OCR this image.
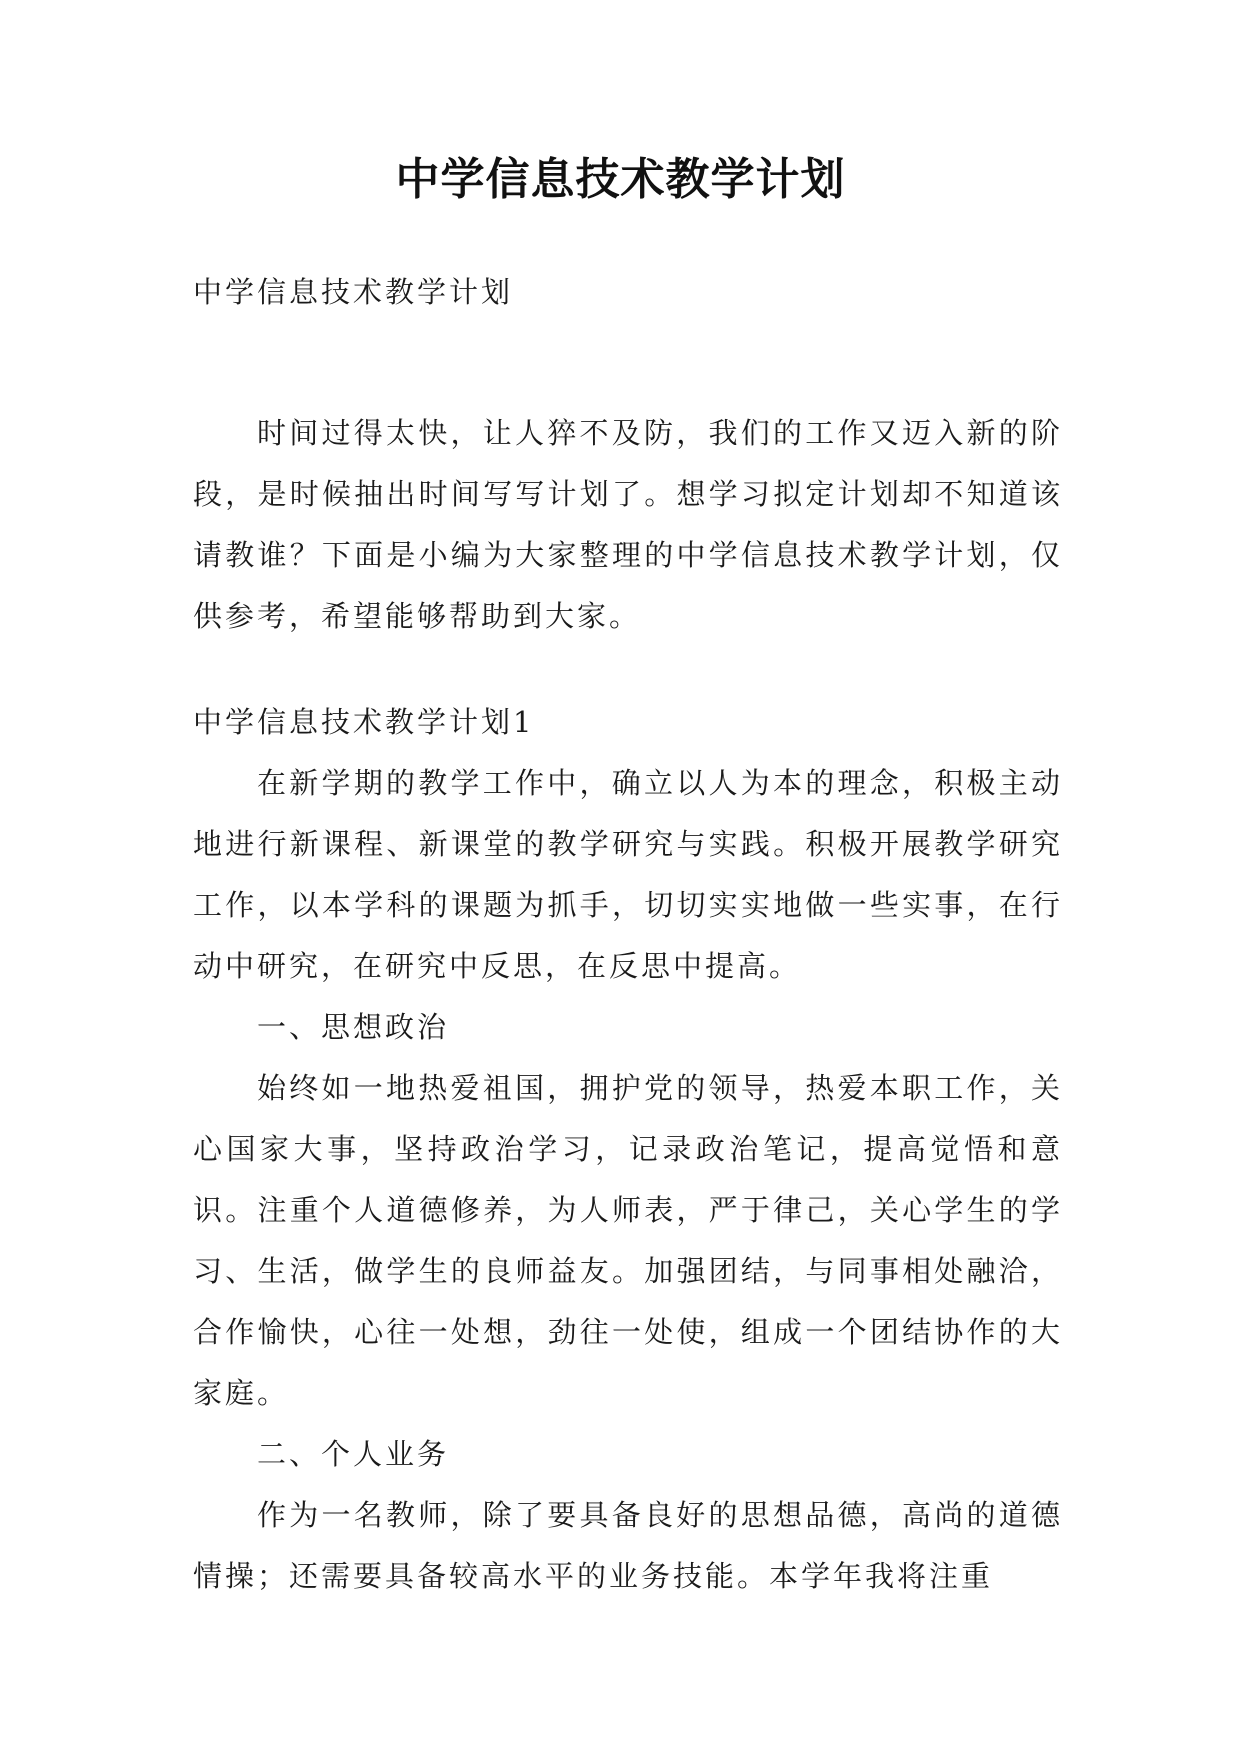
中学信息技术教学计划

中学信息技术教学计划

时间过得太快，让人猝不及防，我们的工作又迈入新的阶段，是时候抽出时间写写计划了。想学习拟定计划却不知道该请教谁？下面是小编为大家整理的中学信息技术教学计划，仅供参考，希望能够帮助到大家。

中学信息技术教学计划1

在新学期的教学工作中，确立以人为本的理念，积极主动地进行新课程、新课堂的教学研究与实践。积极开展教学研究工作，以本学科的课题为抓手，切切实实地做一些实事，在行动中研究，在研究中反思，在反思中提高。

一、思想政治

始终如一地热爱祖国，拥护党的领导，热爱本职工作，关心国家大事，坚持政治学习，记录政治笔记，提高觉悟和意识。注重个人道德修养，为人师表，严于律己，关心学生的学习、生活，做学生的良师益友。加强团结，与同事相处融洽，合作愉快，心往一处想，劲往一处使，组成一个团结协作的大家庭。

二、个人业务

作为一名教师，除了要具备良好的思想品德，高尚的道德情操；还需要具备较高水平的业务技能。本学年我将注重
